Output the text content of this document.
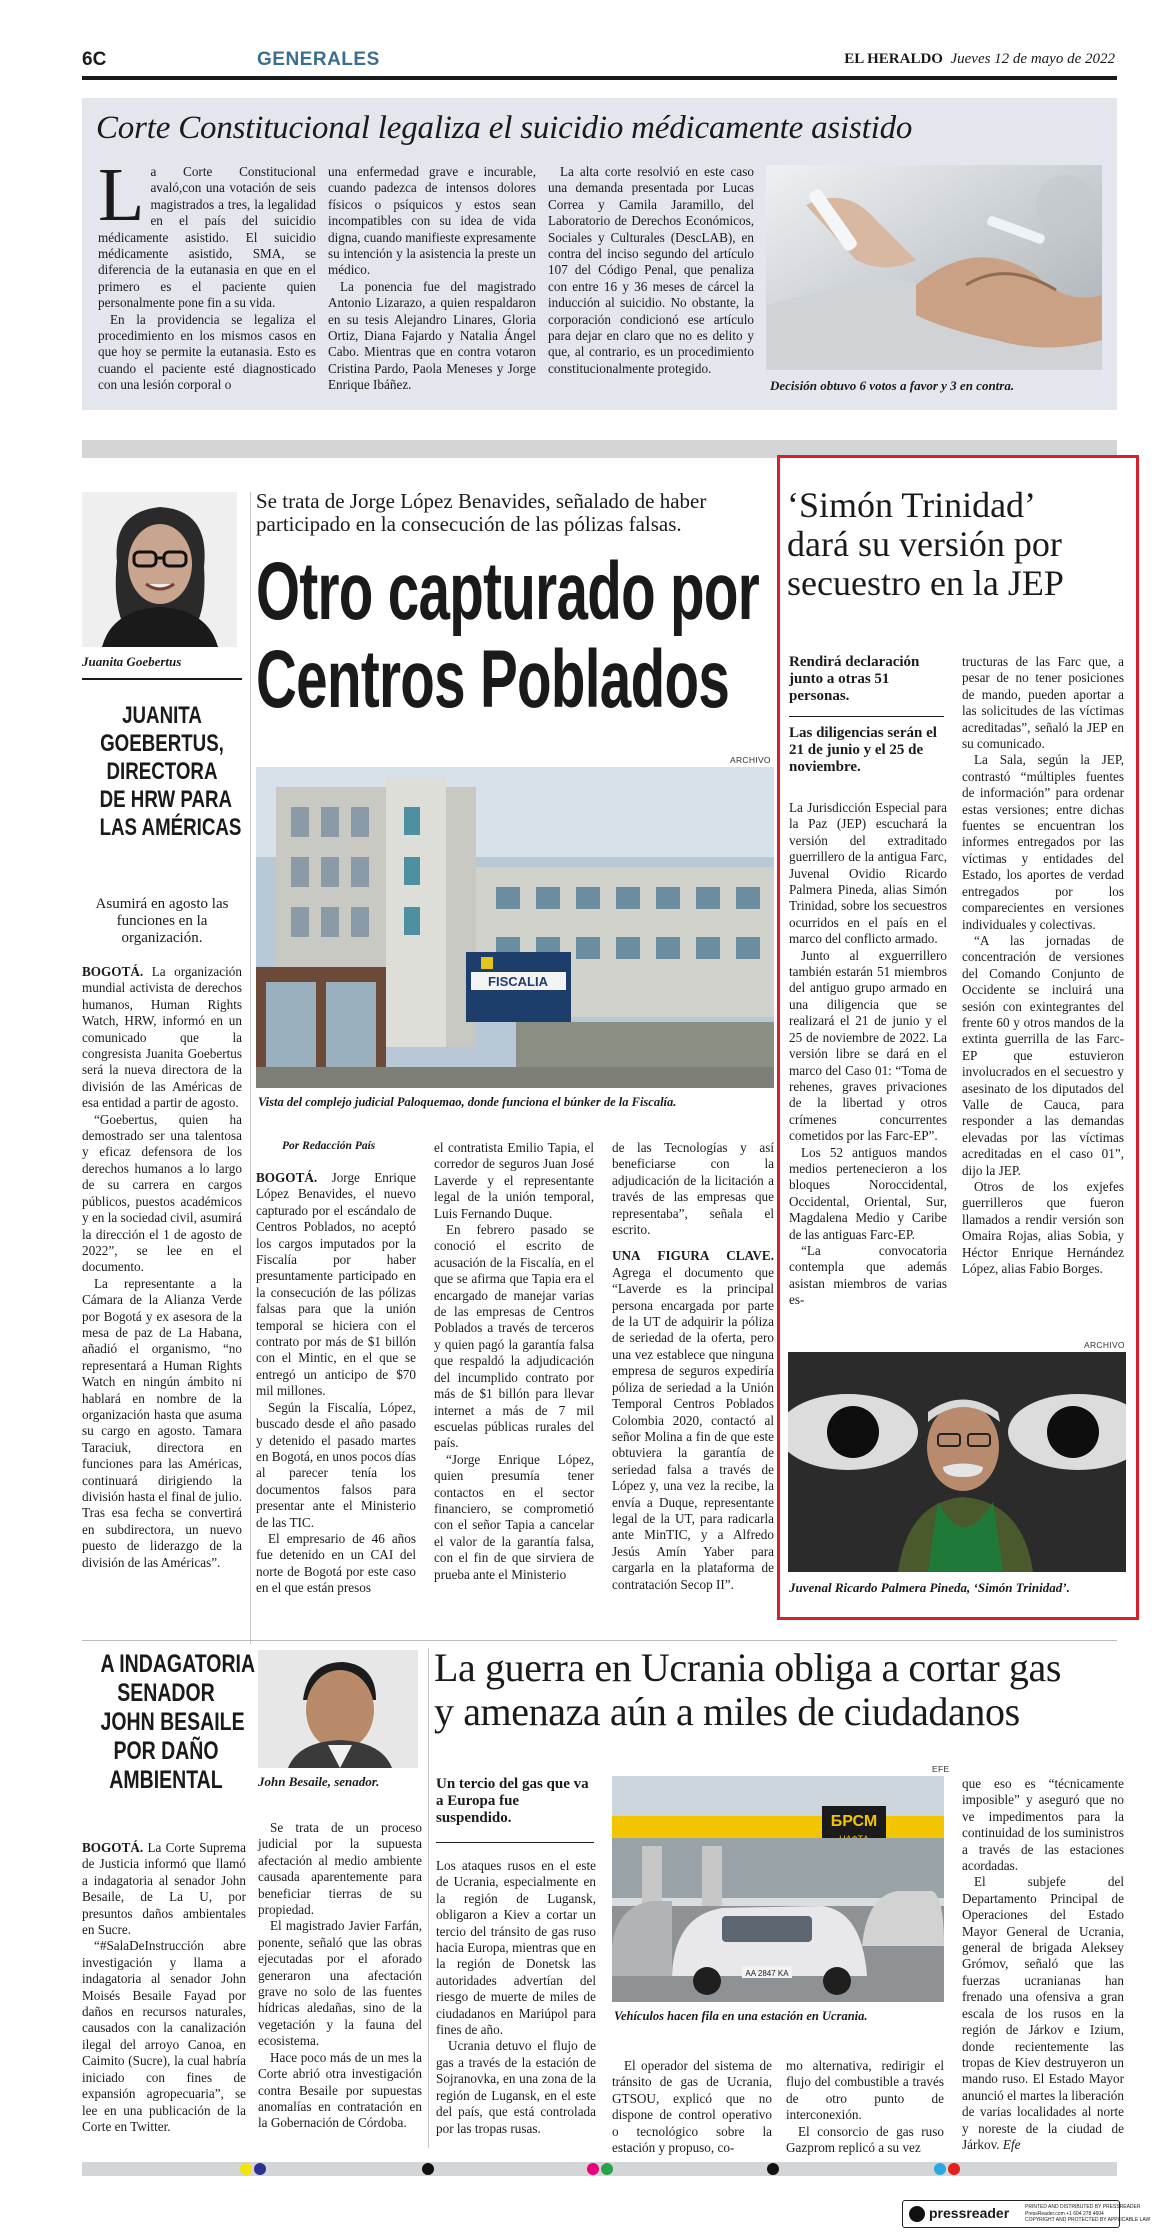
6C	GENERALES	EL HERALDO Jueves 12 de mayo de 2022
Corte Constitucional legaliza el suicidio médicamente asistido

La Corte Constitucional avaló,con una votación de seis magistrados a tres, la legalidad en el país del suicidio médicamente asistido. El suicidio médicamente asistido, SMA, se diferencia de la eutanasia en que en el primero es el paciente quien personalmente pone fin a su vida.

En la providencia se legaliza el procedimiento en los mismos casos en que hoy se permite la eutanasia. Esto es cuando el paciente esté diagnosticado con una lesión corporal o

una enfermedad grave e incurable, cuando padezca de intensos dolores físicos o psíquicos y estos sean incompatibles con su idea de vida digna, cuando manifieste expresamente su intención y la asistencia la preste un médico.

La ponencia fue del magistrado Antonio Lizarazo, a quien respaldaron en su tesis Alejandro Linares, Gloria Ortiz, Diana Fajardo y Natalia Ángel Cabo. Mientras que en contra votaron Cristina Pardo, Paola Meneses y Jorge Enrique Ibáñez.

La alta corte resolvió en este caso una demanda presentada por Lucas Correa y Camila Jaramillo, del Laboratorio de Derechos Económicos, Sociales y Culturales (DescLAB), en contra del inciso segundo del artículo 107 del Código Penal, que penaliza con entre 16 y 36 meses de cárcel la inducción al suicidio. No obstante, la corporación condicionó ese artículo para dejar en claro que no es delito y que, al contrario, es un procedimiento constitucionalmente protegido.

Decisión obtuvo 6 votos a favor y 3 en contra.
Juanita Goebertus
JUANITA
GOEBERTUS,
DIRECTORA
DE HRW PARA
LAS AMÉRICAS
Asumirá en agosto las funciones en la organización.

BOGOTÁ. La organización mundial activista de derechos humanos, Human Rights Watch, HRW, informó en un comunicado que la congresista Juanita Goebertus será la nueva directora de la división de las Américas de esa entidad a partir de agosto.

“Goebertus, quien ha demostrado ser una talentosa y eficaz defensora de los derechos humanos a lo largo de su carrera en cargos públicos, puestos académicos y en la sociedad civil, asumirá la dirección el 1 de agosto de 2022”, se lee en el documento.

La representante a la Cámara de la Alianza Verde por Bogotá y ex asesora de la mesa de paz de La Habana, añadió el organismo, “no representará a Human Rights Watch en ningún ámbito ni hablará en nombre de la organización hasta que asuma su cargo en agosto. Tamara Taraciuk, directora en funciones para las Américas, continuará dirigiendo la división hasta el final de julio. Tras esa fecha se convertirá en subdirectora, un nuevo puesto de liderazgo de la división de las Américas”.

Se trata de Jorge López Benavides, señalado de haber participado en la consecución de las pólizas falsas.
Otro capturado por
Centros Poblados
ARCHIVO
FISCALIA
Vista del complejo judicial Paloquemao, donde funciona el búnker de la Fiscalía.
Por Redacción País

BOGOTÁ. Jorge Enrique López Benavides, el nuevo capturado por el escándalo de Centros Poblados, no aceptó los cargos imputados por la Fiscalía por haber presuntamente participado en la consecución de las pólizas falsas para que la unión temporal se hiciera con el contrato por más de $1 billón con el Mintic, en el que se entregó un anticipo de $70 mil millones.

Según la Fiscalía, López, buscado desde el año pasado y detenido el pasado martes en Bogotá, en unos pocos días al parecer tenía los documentos falsos para presentar ante el Ministerio de las TIC.

El empresario de 46 años fue detenido en un CAI del norte de Bogotá por este caso en el que están presos

el contratista Emilio Tapia, el corredor de seguros Juan José Laverde y el representante legal de la unión temporal, Luis Fernando Duque.

En febrero pasado se conoció el escrito de acusación de la Fiscalía, en el que se afirma que Tapia era el encargado de manejar varias de las empresas de Centros Poblados a través de terceros y quien pagó la garantía falsa que respaldó la adjudicación del incumplido contrato por más de $1 billón para llevar internet a más de 7 mil escuelas públicas rurales del país.

“Jorge Enrique López, quien presumía tener contactos en el sector financiero, se comprometió con el señor Tapia a cancelar el valor de la garantía falsa, con el fin de que sirviera de prueba ante el Ministerio

de las Tecnologías y así beneficiarse con la adjudicación de la licitación a través de las empresas que representaba”, señala el escrito.

UNA FIGURA CLAVE. Agrega el documento que “Laverde es la principal persona encargada por parte de la UT de adquirir la póliza de seriedad de la oferta, pero una vez establece que ninguna empresa de seguros expediría póliza de seriedad a la Unión Temporal Centros Poblados Colombia 2020, contactó al señor Molina a fin de que este obtuviera la garantía de seriedad falsa a través de López y, una vez la recibe, la envía a Duque, representante legal de la UT, para radicarla ante MinTIC, y a Alfredo Jesús Amín Yaber para cargarla en la plataforma de contratación Secop II”.

‘Simón Trinidad’
dará su versión por
secuestro en la JEP
Rendirá declaración junto a otras 51 personas.
Las diligencias serán el 21 de junio y el 25 de noviembre.

La Jurisdicción Especial para la Paz (JEP) escuchará la versión del extraditado guerrillero de la antigua Farc, Juvenal Ovidio Ricardo Palmera Pineda, alias Simón Trinidad, sobre los secuestros ocurridos en el país en el marco del conflicto armado.

Junto al exguerrillero también estarán 51 miembros del antiguo grupo armado en una diligencia que se realizará el 21 de junio y el 25 de noviembre de 2022. La versión libre se dará en el marco del Caso 01: “Toma de rehenes, graves privaciones de la libertad y otros crímenes concurrentes cometidos por las Farc-EP”.

Los 52 antiguos mandos medios pertenecieron a los bloques Noroccidental, Occidental, Oriental, Sur, Magdalena Medio y Caribe de las antiguas Farc-EP.

“La convocatoria contempla que además asistan miembros de varias es-

tructuras de las Farc que, a pesar de no tener posiciones de mando, pueden aportar a las solicitudes de las víctimas acreditadas”, señaló la JEP en su comunicado.

La Sala, según la JEP, contrastó “múltiples fuentes de información” para ordenar estas versiones; entre dichas fuentes se encuentran los informes entregados por las víctimas y entidades del Estado, los aportes de verdad entregados por los comparecientes en versiones individuales y colectivas.

“A las jornadas de concentración de versiones del Comando Conjunto de Occidente se incluirá una sesión con exintegrantes del frente 60 y otros mandos de la extinta guerrilla de las Farc-EP que estuvieron involucrados en el secuestro y asesinato de los diputados del Valle de Cauca, para responder a las demandas elevadas por las víctimas acreditadas en el caso 01”, dijo la JEP.

Otros de los exjefes guerrilleros que fueron llamados a rendir versión son Omaira Rojas, alias Sobia, y Héctor Enrique Hernández López, alias Fabio Borges.

ARCHIVO
Juvenal Ricardo Palmera Pineda, ‘Simón Trinidad’.
A INDAGATORIA
SENADOR
JOHN BESAILE
POR DAÑO
AMBIENTAL	John Besaile, senador.

BOGOTÁ. La Corte Suprema de Justicia informó que llamó a indagatoria al senador John Besaile, de La U, por presuntos daños ambientales en Sucre.

“#SalaDeInstrucción abre investigación y llama a indagatoria al senador John Moisés Besaile Fayad por daños en recursos naturales, causados con la canalización ilegal del arroyo Canoa, en Caimito (Sucre), la cual habría iniciado con fines de expansión agropecuaria”, se lee en una publicación de la Corte en Twitter.

Se trata de un proceso judicial por la supuesta afectación al medio ambiente causada aparentemente para beneficiar tierras de su propiedad.

El magistrado Javier Farfán, ponente, señaló que las obras ejecutadas por el aforado generaron una afectación grave no solo de las fuentes hídricas aledañas, sino de la vegetación y la fauna del ecosistema.

Hace poco más de un mes la Corte abrió otra investigación contra Besaile por supuestas anomalías en contratación en la Gobernación de Córdoba.

La guerra en Ucrania obliga a cortar gas
y amenaza aún a miles de ciudadanos
Un tercio del gas que va a Europa fue suspendido.

Los ataques rusos en el este de Ucrania, especialmente en la región de Lugansk, obligaron a Kiev a cortar un tercio del tránsito de gas ruso hacia Europa, mientras que en la región de Donetsk las autoridades advertían del riesgo de muerte de miles de ciudadanos en Mariúpol para fines de año.

Ucrania detuvo el flujo de gas a través de la estación de Sojranovka, en una zona de la región de Lugansk, en el este del país, que está controlada por las tropas rusas.

EFE
БРСМ
AA 2847 KA
Vehículos hacen fila en una estación en Ucrania.

El operador del sistema de tránsito de gas de Ucrania, GTSOU, explicó que no dispone de control operativo o tecnológico sobre la estación y propuso, co-

mo alternativa, redirigir el flujo del combustible a través de otro punto de interconexión.

El consorcio de gas ruso Gazprom replicó a su vez

que eso es “técnicamente imposible” y aseguró que no ve impedimentos para la continuidad de los suministros a través de las estaciones acordadas.

El subjefe del Departamento Principal de Operaciones del Estado Mayor General de Ucrania, general de brigada Aleksey Grómov, señaló que las fuerzas ucranianas han frenado una ofensiva a gran escala de los rusos en la región de Járkov e Izium, donde recientemente las tropas de Kiev destruyeron un mando ruso. El Estado Mayor anunció el martes la liberación de varias localidades al norte y noreste de la ciudad de Járkov. Efe

pressreader	PRINTED AND DISTRIBUTED BY PRESSREADER
PressReader.com +1 604 278 4604
COPYRIGHT AND PROTECTED BY APPLICABLE LAW
